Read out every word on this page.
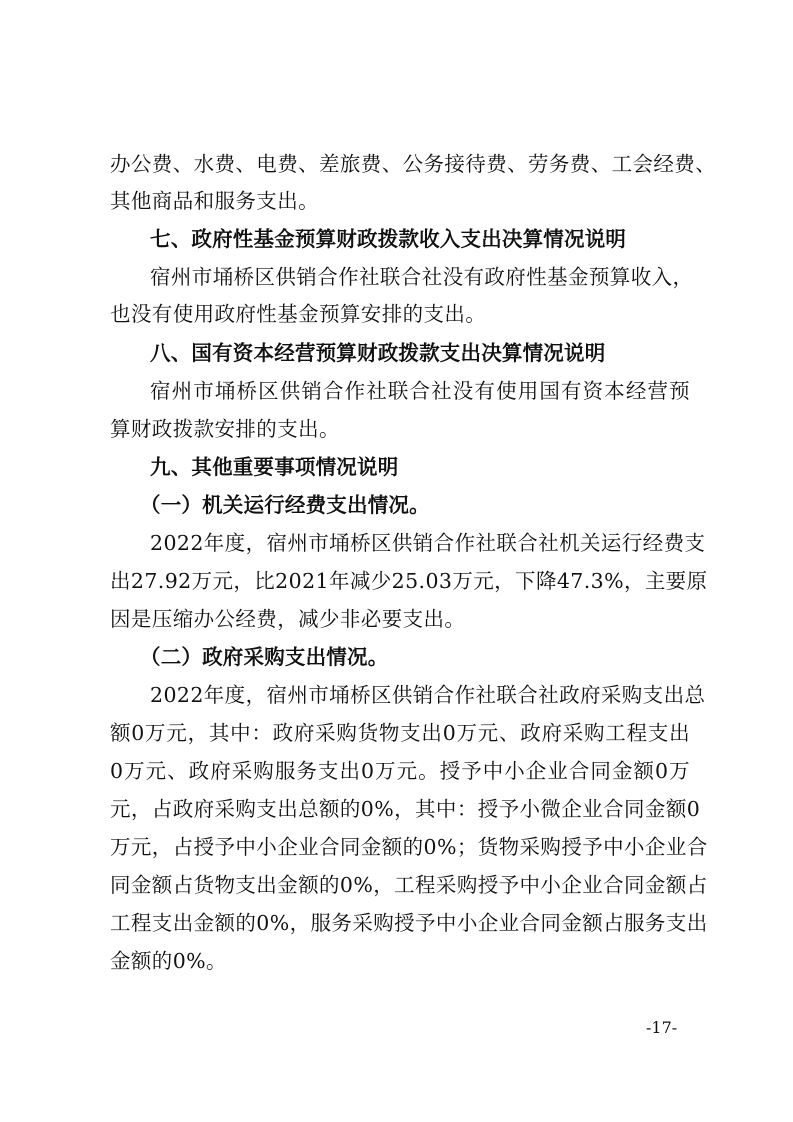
办公费、水费、电费、差旅费、公务接待费、劳务费、工会经费、
其他商品和服务支出。
七、政府性基金预算财政拨款收入支出决算情况说明
宿州市埇桥区供销合作社联合社没有政府性基金预算收入，
也没有使用政府性基金预算安排的支出。
八、国有资本经营预算财政拨款支出决算情况说明
宿州市埇桥区供销合作社联合社没有使用国有资本经营预
算财政拨款安排的支出。
九、其他重要事项情况说明
（一）机关运行经费支出情况。
2022年度，宿州市埇桥区供销合作社联合社机关运行经费支
出27.92万元，比2021年减少25.03万元，下降47.3%，主要原
因是压缩办公经费，减少非必要支出。
（二）政府采购支出情况。
2022年度，宿州市埇桥区供销合作社联合社政府采购支出总
额0万元，其中：政府采购货物支出0万元、政府采购工程支出
0万元、政府采购服务支出0万元。授予中小企业合同金额0万
元，占政府采购支出总额的0%，其中：授予小微企业合同金额0
万元，占授予中小企业合同金额的0%；货物采购授予中小企业合
同金额占货物支出金额的0%，工程采购授予中小企业合同金额占
工程支出金额的0%，服务采购授予中小企业合同金额占服务支出
金额的0%。
-17-
